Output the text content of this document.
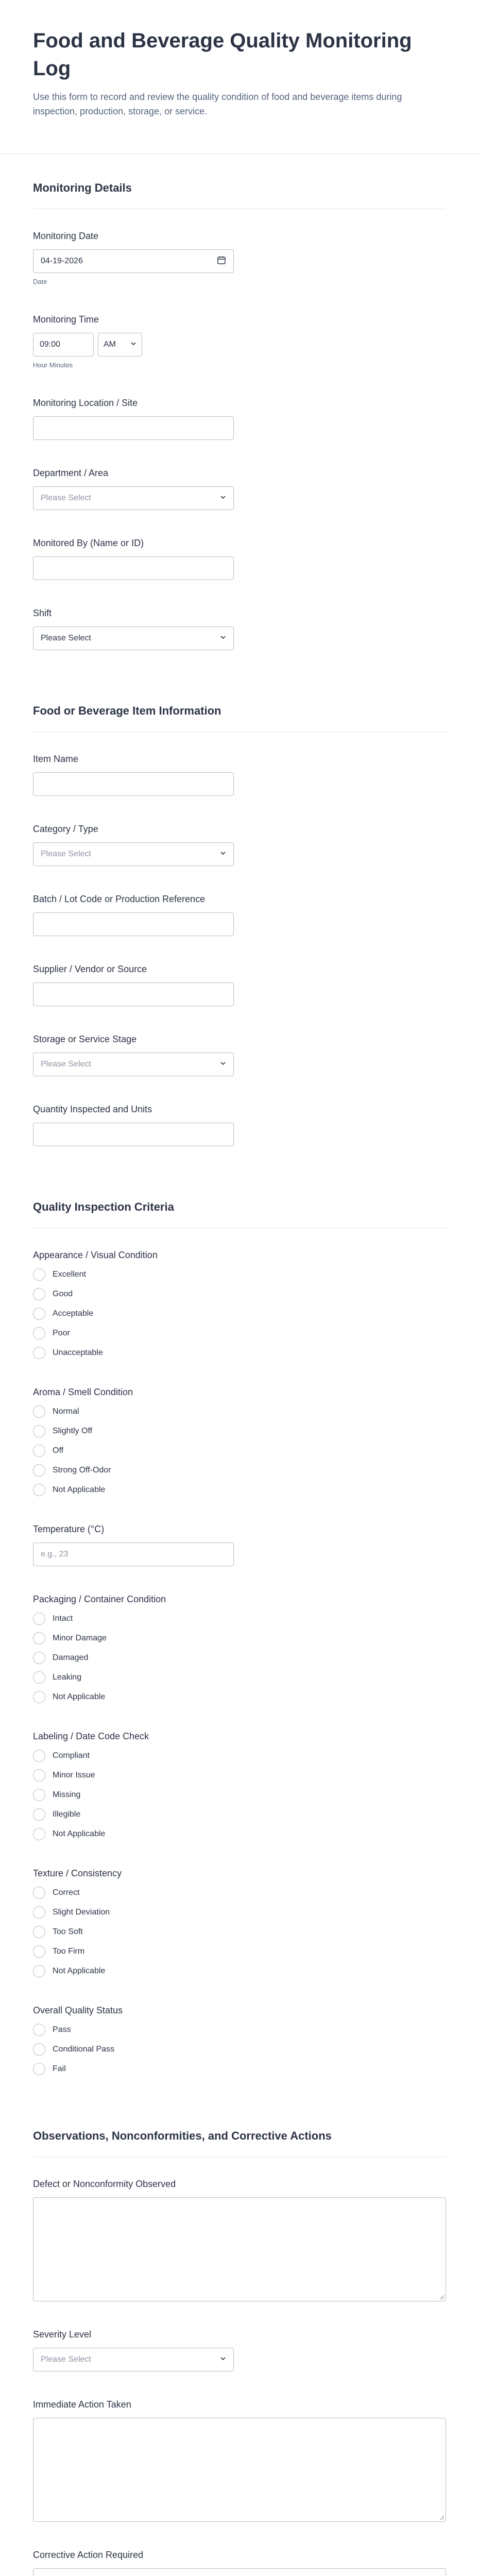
Food and Beverage Quality Monitoring Log

Use this form to record and review the quality condition of food and beverage items during inspection, production, storage, or service.

Monitoring Details
Monitoring Date
04-19-2026
Date
Monitoring Time
09:00	AM
Hour Minutes
Monitoring Location / Site
Department / Area
Please Select
Monitored By (Name or ID)
Shift
Please Select
Food or Beverage Item Information
Item Name
Category / Type
Please Select
Batch / Lot Code or Production Reference
Supplier / Vendor or Source
Storage or Service Stage
Please Select
Quantity Inspected and Units
Quality Inspection Criteria
Appearance / Visual Condition
Excellent
Good
Acceptable
Poor
Unacceptable
Aroma / Smell Condition
Normal
Slightly Off
Off
Strong Off-Odor
Not Applicable
Temperature (°C)
e.g., 23
Packaging / Container Condition
Intact
Minor Damage
Damaged
Leaking
Not Applicable
Labeling / Date Code Check
Compliant
Minor Issue
Missing
Illegible
Not Applicable
Texture / Consistency
Correct
Slight Deviation
Too Soft
Too Firm
Not Applicable
Overall Quality Status
Pass
Conditional Pass
Fail
Observations, Nonconformities, and Corrective Actions
Defect or Nonconformity Observed
Severity Level
Please Select
Immediate Action Taken
Corrective Action Required
